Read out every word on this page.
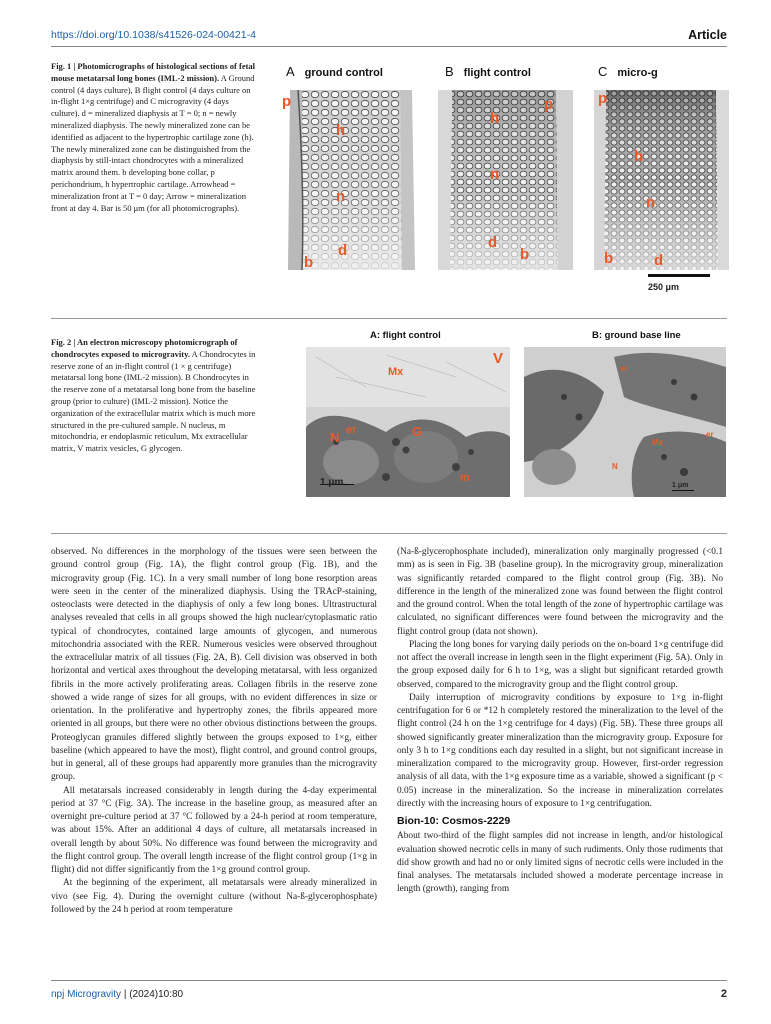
https://doi.org/10.1038/s41526-024-00421-4	Article
Fig. 1 | Photomicrographs of histological sections of fetal mouse metatarsal long bones (IML-2 mission). A Ground control (4 days culture), B flight control (4 days culture on in-flight 1×g centrifuge) and C microgravity (4 days culture). d = mineralized diaphysis at T = 0; n = newly mineralized diaphysis. The newly mineralized zone can be identified as adjacent to the hypertrophic cartilage zone (h). The newly mineralized zone can be distinguished from the diaphysis by still-intact chondrocytes with a mineralized matrix around them. b developing bone collar, p perichondrium, h hypertrophic cartilage. Arrowhead = mineralization front at T = 0 day; Arrow = mineralization front at day 4. Bar is 50 μm (for all photomicrographs).
A ground control	B flight control	C micro-g
p
h
n
d
b
p
h
n
d
b
p
h
n
b	d
250 μm
Fig. 2 | An electron microscopy photomicrograph of chondrocytes exposed to microgravity. A Chondrocytes in reserve zone of an in-flight control (1 × g centrifuge) metatarsal long bone (IML-2 mission). B Chondrocytes in the reserve zone of a metatarsal long bone from the baseline group (prior to culture) (IML-2 mission). Notice the organization of the extracellular matrix which is much more structured in the pre-cultured sample. N nucleus, m mitochondria, er endoplasmic reticulum, Mx extracellular matrix, V matrix vesicles, G glycogen.
A: flight control	B: ground base line
Mx
V
N er	G
m
1 μm
er
er
Mx
N
1 μm

observed. No differences in the morphology of the tissues were seen between the ground control group (Fig. 1A), the flight control group (Fig. 1B), and the microgravity group (Fig. 1C). In a very small number of long bone resorption areas were seen in the center of the mineralized diaphysis. Using the TRAcP-staining, osteoclasts were detected in the diaphysis of only a few long bones. Ultrastructural analyses revealed that cells in all groups showed the high nuclear/cytoplasmatic ratio typical of chondrocytes, contained large amounts of glycogen, and numerous mitochondria associated with the RER. Numerous vesicles were observed throughout the extracellular matrix of all tissues (Fig. 2A, B). Cell division was observed in both horizontal and vertical axes throughout the developing metatarsal, with less organized fibrils in the more actively proliferating areas. Collagen fibrils in the reserve zone showed a wide range of sizes for all groups, with no evident differences in size or orientation. In the proliferative and hypertrophy zones, the fibrils appeared more oriented in all groups, but there were no other obvious distinctions between the groups. Proteoglycan granules differed slightly between the groups exposed to 1×g, either baseline (which appeared to have the most), flight control, and ground control groups, but in general, all of these groups had apparently more granules than the microgravity group.

All metatarsals increased considerably in length during the 4-day experimental period at 37 °C (Fig. 3A). The increase in the baseline group, as measured after an overnight pre-culture period at 37 °C followed by a 24-h period at room temperature, was about 15%. After an additional 4 days of culture, all metatarsals increased in overall length by about 50%. No difference was found between the microgravity and the flight control group. The overall length increase of the flight control group (1×g in flight) did not differ significantly from the 1×g ground control group.

At the beginning of the experiment, all metatarsals were already mineralized in vivo (see Fig. 4). During the overnight culture (without Na-ß-glycerophosphate) followed by the 24 h period at room temperature

(Na-ß-glycerophosphate included), mineralization only marginally progressed (<0.1 mm) as is seen in Fig. 3B (baseline group). In the microgravity group, mineralization was significantly retarded compared to the flight control group (Fig. 3B). No difference in the length of the mineralized zone was found between the flight control and the ground control. When the total length of the zone of hypertrophic cartilage was calculated, no significant differences were found between the microgravity and the flight control group (data not shown).

Placing the long bones for varying daily periods on the on-board 1×g centrifuge did not affect the overall increase in length seen in the flight experiment (Fig. 5A). Only in the group exposed daily for 6 h to 1×g, was a slight but significant retarded growth observed, compared to the microgravity group and the flight control group.

Daily interruption of microgravity conditions by exposure to 1×g in-flight centrifugation for 6 or *12 h completely restored the mineralization to the level of the flight control (24 h on the 1×g centrifuge for 4 days) (Fig. 5B). These three groups all showed significantly greater mineralization than the microgravity group. Exposure for only 3 h to 1×g conditions each day resulted in a slight, but not significant increase in mineralization compared to the microgravity group. However, first-order regression analysis of all data, with the 1×g exposure time as a variable, showed a significant (p < 0.05) increase in the mineralization. So the increase in mineralization correlates directly with the increasing hours of exposure to 1×g centrifugation.

Bion-10: Cosmos-2229

About two-third of the flight samples did not increase in length, and/or histological evaluation showed necrotic cells in many of such rudiments. Only those rudiments that did show growth and had no or only limited signs of necrotic cells were included in the final analyses. The metatarsals included showed a moderate percentage increase in length (growth), ranging from

npj Microgravity | (2024)10:80	2
